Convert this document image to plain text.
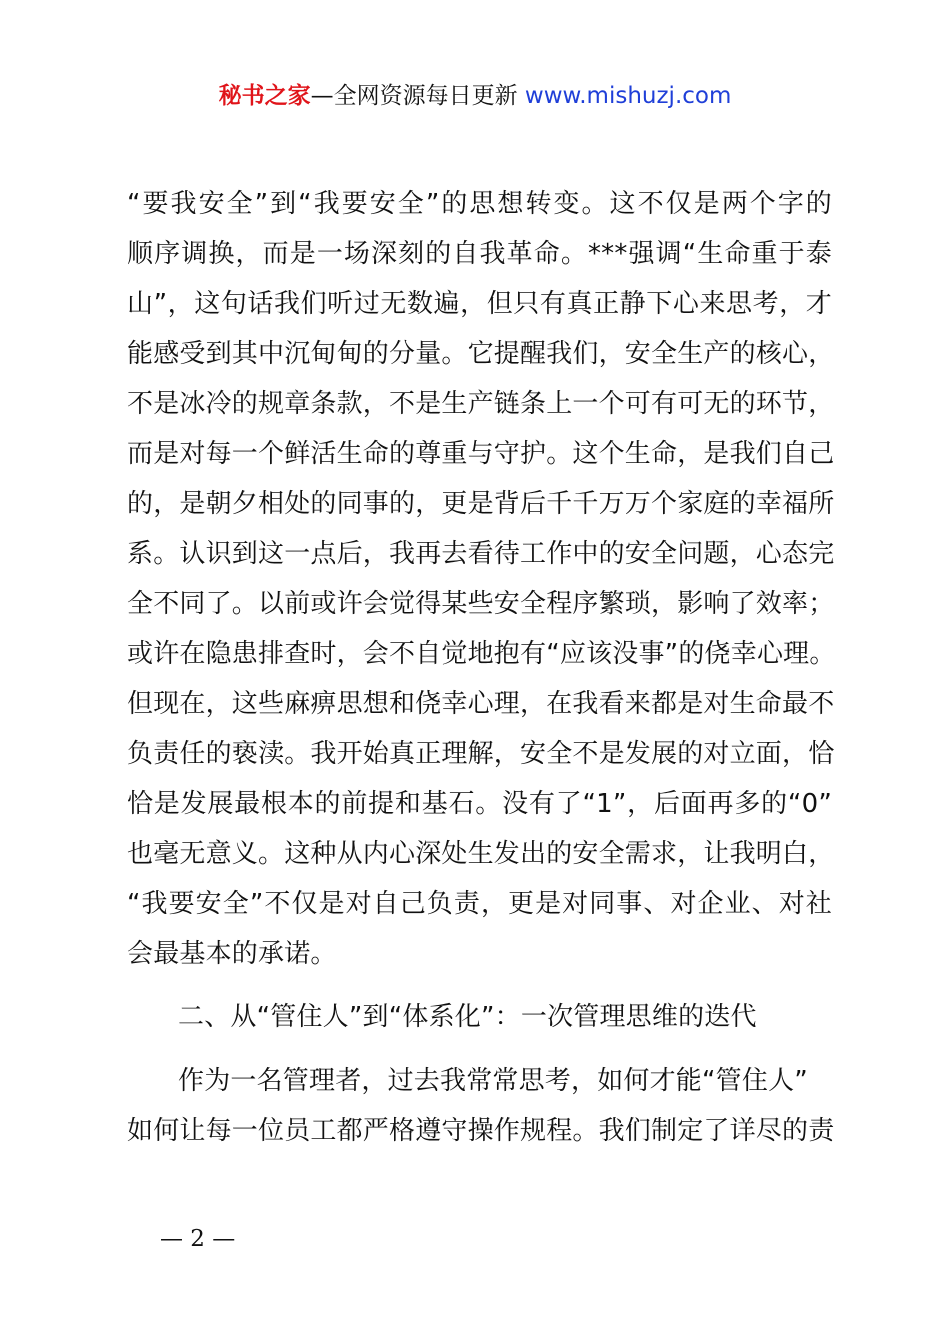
秘书之家—全网资源每日更新 www.mishuzj.com
“要我安全”到“我要安全”的思想转变。这不仅是两个字的
顺序调换，而是一场深刻的自我革命。***强调“生命重于泰
山”，这句话我们听过无数遍，但只有真正静下心来思考，才
能感受到其中沉甸甸的分量。它提醒我们，安全生产的核心，
不是冰冷的规章条款，不是生产链条上一个可有可无的环节，
而是对每一个鲜活生命的尊重与守护。这个生命，是我们自己
的，是朝夕相处的同事的，更是背后千千万万个家庭的幸福所
系。认识到这一点后，我再去看待工作中的安全问题，心态完
全不同了。以前或许会觉得某些安全程序繁琐，影响了效率；
或许在隐患排查时，会不自觉地抱有“应该没事”的侥幸心理。
但现在，这些麻痹思想和侥幸心理，在我看来都是对生命最不
负责任的亵渎。我开始真正理解，安全不是发展的对立面，恰
恰是发展最根本的前提和基石。没有了“1”，后面再多的“0”
也毫无意义。这种从内心深处生发出的安全需求，让我明白，
“我要安全”不仅是对自己负责，更是对同事、对企业、对社
会最基本的承诺。
二、从“管住人”到“体系化”：一次管理思维的迭代
作为一名管理者，过去我常常思考，如何才能“管住人”
如何让每一位员工都严格遵守操作规程。我们制定了详尽的责
— 2 —
